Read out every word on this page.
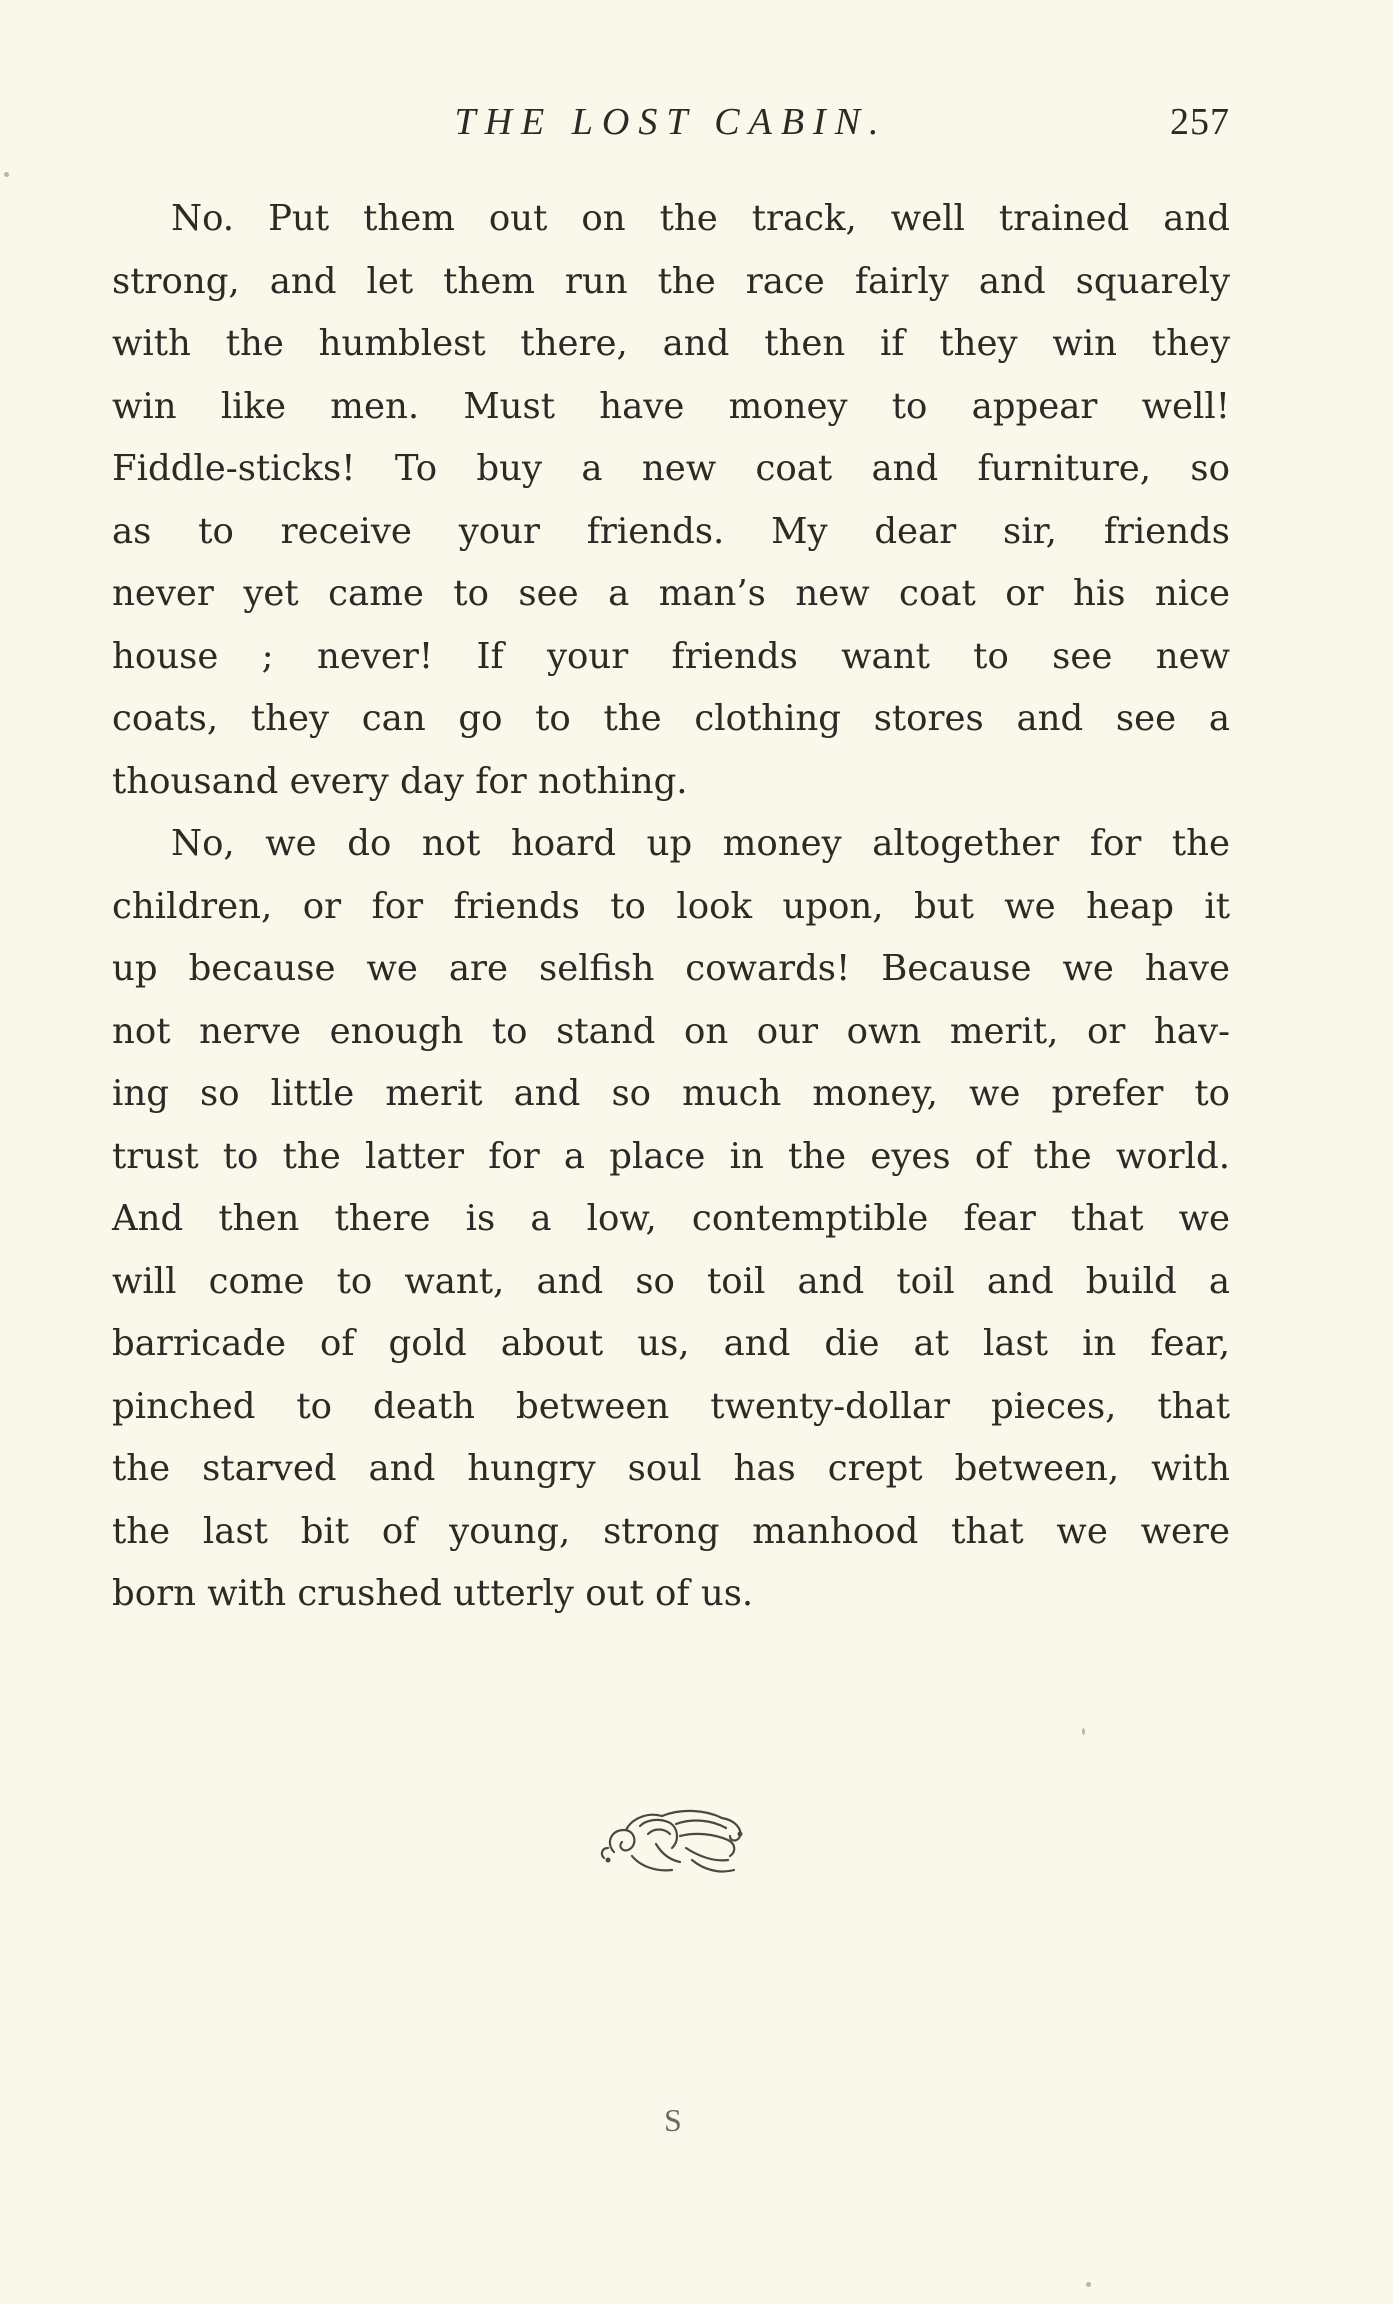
THE LOST CABIN.	257
No. Put them out on the track, well trained and
strong, and let them run the race fairly and squarely
with the humblest there, and then if they win they
win like men. Must have money to appear well!
Fiddle-sticks! To buy a new coat and furniture, so
as to receive your friends. My dear sir, friends
never yet came to see a man’s new coat or his nice
house ; never! If your friends want to see new
coats, they can go to the clothing stores and see a
thousand every day for nothing.
No, we do not hoard up money altogether for the
children, or for friends to look upon, but we heap it
up because we are selfish cowards! Because we have
not nerve enough to stand on our own merit, or hav-
ing so little merit and so much money, we prefer to
trust to the latter for a place in the eyes of the world.
And then there is a low, contemptible fear that we
will come to want, and so toil and toil and build a
barricade of gold about us, and die at last in fear,
pinched to death between twenty-dollar pieces, that
the starved and hungry soul has crept between, with
the last bit of young, strong manhood that we were
born with crushed utterly out of us.
S
